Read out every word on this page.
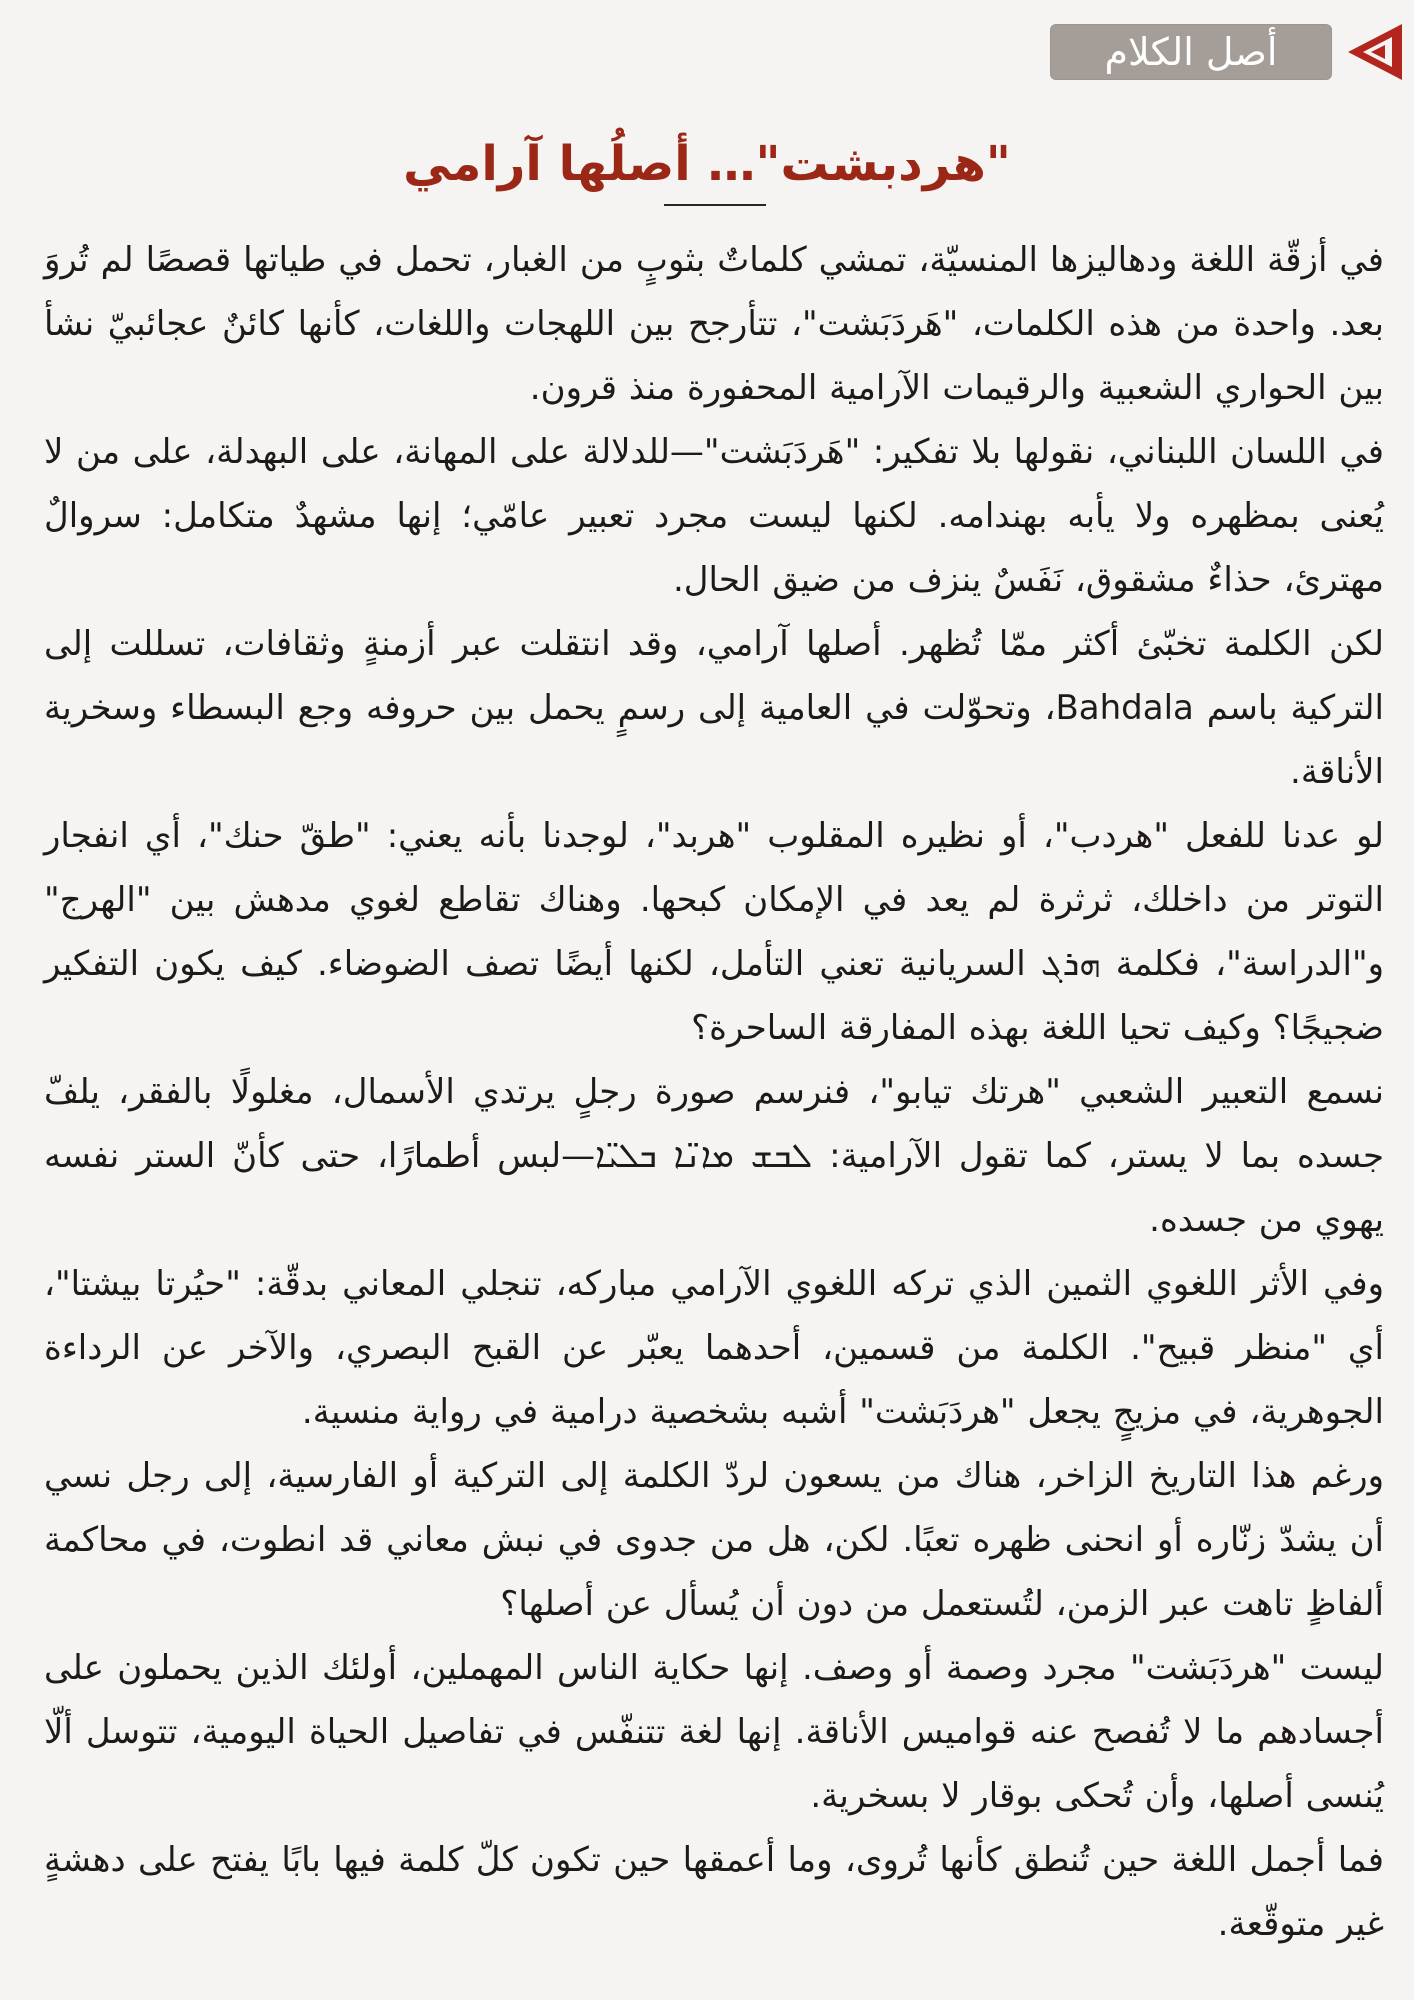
أصل الكلام
"هردبشت"… أصلُها آرامي

في أزقّة اللغة ودهاليزها المنسيّة، تمشي كلماتٌ بثوبٍ من الغبار، تحمل في طياتها قصصًا لم تُروَ بعد. واحدة من هذه الكلمات، "هَردَبَشت"، تتأرجح بين اللهجات واللغات، كأنها كائنٌ عجائبيّ نشأ بين الحواري الشعبية والرقيمات الآرامية المحفورة منذ قرون.

في اللسان اللبناني، نقولها بلا تفكير: "هَردَبَشت"—للدلالة على المهانة، على البهدلة، على من لا يُعنى بمظهره ولا يأبه بهندامه. لكنها ليست مجرد تعبير عامّي؛ إنها مشهدٌ متكامل: سروالٌ مهترئ، حذاءٌ مشقوق، نَفَسٌ ينزف من ضيق الحال.

لكن الكلمة تخبّئ أكثر ممّا تُظهر. أصلها آرامي، وقد انتقلت عبر أزمنةٍ وثقافات، تسللت إلى التركية باسم Bahdala، وتحوّلت في العامية إلى رسمٍ يحمل بين حروفه وجع البسطاء وسخرية الأناقة.

لو عدنا للفعل "هردب"، أو نظيره المقلوب "هربد"، لوجدنا بأنه يعني: "طقّ حنك"، أي انفجار التوتر من داخلك، ثرثرة لم يعد في الإمكان كبحها. وهناك تقاطع لغوي مدهش بين "الهرج" و"الدراسة"، فكلمة ܗܪܓ السريانية تعني التأمل، لكنها أيضًا تصف الضوضاء. كيف يكون التفكير ضجيجًا؟ وكيف تحيا اللغة بهذه المفارقة الساحرة؟

نسمع التعبير الشعبي "هرتك تيابو"، فنرسم صورة رجلٍ يرتدي الأسمال، مغلولًا بالفقر، يلفّ جسده بما لا يستر، كما تقول الآرامية: ܠܒܫ ܡܐܢ̈ܐ ܒܠܝ̈ܐ—لبس أطمارًا، حتى كأنّ الستر نفسه يهوي من جسده.

وفي الأثر اللغوي الثمين الذي تركه اللغوي الآرامي مباركه، تنجلي المعاني بدقّة: "حيُرتا بيشتا"، أي "منظر قبيح". الكلمة من قسمين، أحدهما يعبّر عن القبح البصري، والآخر عن الرداءة الجوهرية، في مزيجٍ يجعل "هردَبَشت" أشبه بشخصية درامية في رواية منسية.

ورغم هذا التاريخ الزاخر، هناك من يسعون لردّ الكلمة إلى التركية أو الفارسية، إلى رجل نسي أن يشدّ زنّاره أو انحنى ظهره تعبًا. لكن، هل من جدوى في نبش معاني قد انطوت، في محاكمة ألفاظٍ تاهت عبر الزمن، لتُستعمل من دون أن يُسأل عن أصلها؟

ليست "هردَبَشت" مجرد وصمة أو وصف. إنها حكاية الناس المهملين، أولئك الذين يحملون على أجسادهم ما لا تُفصح عنه قواميس الأناقة. إنها لغة تتنفّس في تفاصيل الحياة اليومية، تتوسل ألّا يُنسى أصلها، وأن تُحكى بوقار لا بسخرية.

فما أجمل اللغة حين تُنطق كأنها تُروى، وما أعمقها حين تكون كلّ كلمة فيها بابًا يفتح على دهشةٍ غير متوقّعة.
